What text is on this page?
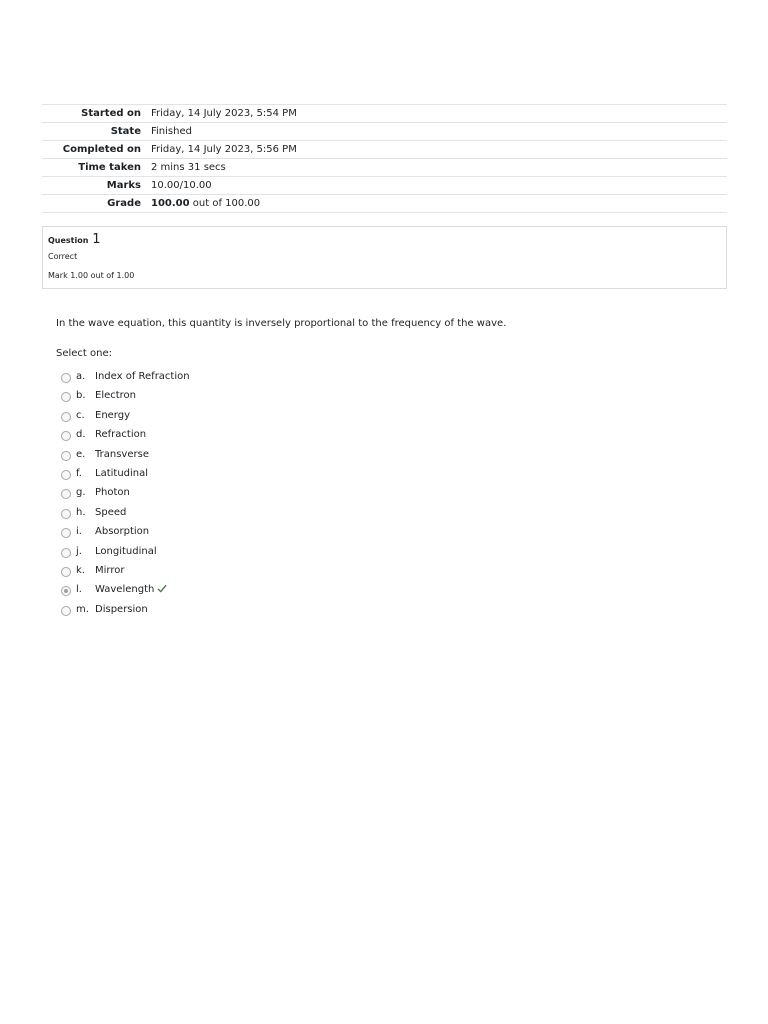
Started on	Friday, 14 July 2023, 5:54 PM
State	Finished
Completed on	Friday, 14 July 2023, 5:56 PM
Time taken	2 mins 31 secs
Marks	10.00/10.00
Grade	100.00 out of 100.00
Question 1
Correct
Mark 1.00 out of 1.00
In the wave equation, this quantity is inversely proportional to the frequency of the wave.
Select one:
a. Index of Refraction
b. Electron
c. Energy
d. Refraction
e. Transverse
f. Latitudinal
g. Photon
h. Speed
i. Absorption
j. Longitudinal
k. Mirror
l. Wavelength
m. Dispersion
